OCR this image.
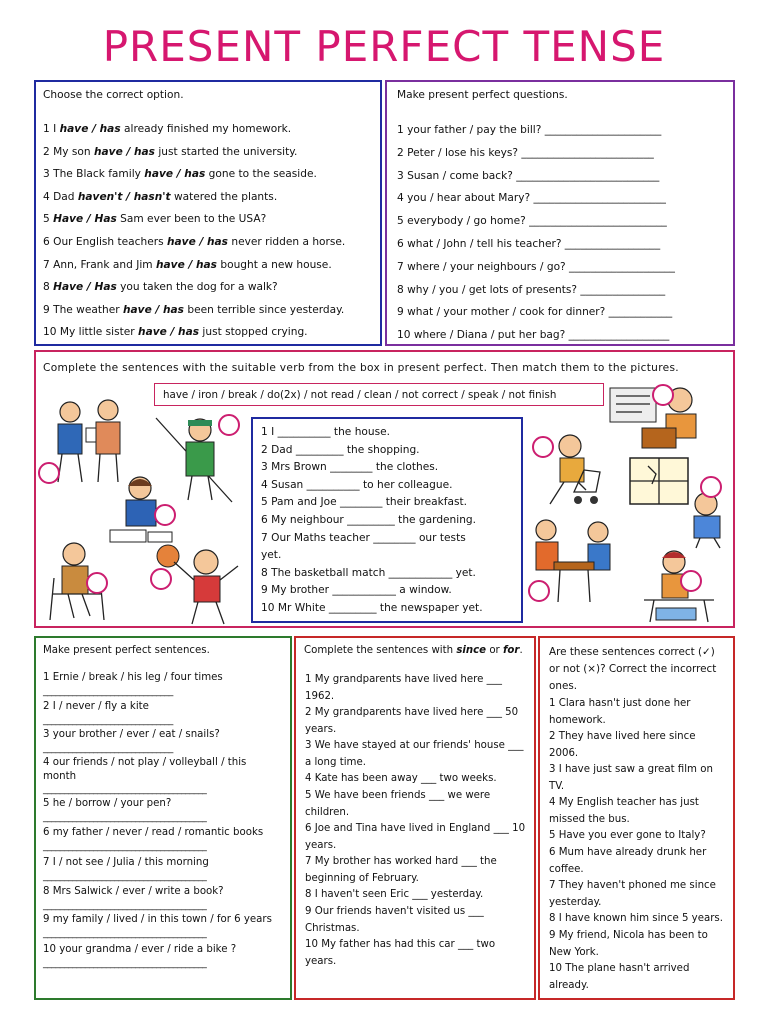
PRESENT PERFECT TENSE
Choose the correct option.
1 I have / has already finished my homework.
2 My son have / has just started the university.
3 The Black family have / has gone to the seaside.
4 Dad haven't / hasn't watered the plants.
5 Have / Has Sam ever been to the USA?
6 Our English teachers have / has never ridden a horse.
7 Ann, Frank and Jim have / has bought a new house.
8 Have / Has you taken the dog for a walk?
9 The weather have / has been terrible since yesterday.
10 My little sister have / has just stopped crying.
Make present perfect questions.
1 your father / pay the bill? ______________________
2 Peter / lose his keys? _________________________
3 Susan / come back? ___________________________
4 you / hear about Mary? _________________________
5 everybody / go home? __________________________
6 what / John / tell his teacher? __________________
7 where / your neighbours / go? ____________________
8 why / you / get lots of presents? ________________
9 what / your mother / cook for dinner? ____________
10 where / Diana / put her bag? ___________________
Complete the sentences with the suitable verb from the box in present perfect. Then match them to the pictures.
have / iron / break / do(2x) / not read / clean / not correct / speak / not finish
1 I __________ the house.
2 Dad _________ the shopping.
3 Mrs Brown ________ the clothes.
4 Susan __________ to her colleague.
5 Pam and Joe ________ their breakfast.
6 My neighbour _________ the gardening.
7 Our Maths teacher ________ our tests
yet.
8 The basketball match ____________ yet.
9 My brother ____________ a window.
10 Mr White _________ the newspaper yet.
Make present perfect sentences.
1 Ernie / break / his leg / four times
_______________________________
2 I / never / fly a kite
_______________________________
3 your brother / ever / eat / snails?
_______________________________
4 our friends / not play / volleyball / this month
_______________________________________
5 he / borrow / your pen?
_______________________________________
6 my father / never / read / romantic books
_______________________________________
7 I / not see / Julia / this morning
_______________________________________
8 Mrs Salwick / ever / write a book?
_______________________________________
9 my family / lived / in this town / for 6 years
_______________________________________
10 your grandma / ever / ride a bike ?
_______________________________________
Complete the sentences with since or for.
1 My grandparents have lived here ___ 1962.
2 My grandparents have lived here ___ 50 years.
3 We have stayed at our friends' house ___ a long time.
4 Kate has been away ___ two weeks.
5 We have been friends ___ we were children.
6 Joe and Tina have lived in England ___ 10 years.
7 My brother has worked hard ___ the beginning of February.
8 I haven't seen Eric ___ yesterday.
9 Our friends haven't visited us ___ Christmas.
10 My father has had this car ___ two years.
Are these sentences correct (✓) or not (×)? Correct the incorrect ones.
1 Clara hasn't just done her homework.
2 They have lived here since 2006.
3 I have just saw a great film on TV.
4 My English teacher has just missed the bus.
5 Have you ever gone to Italy?
6 Mum have already drunk her coffee.
7 They haven't phoned me since yesterday.
8 I have known him since 5 years.
9 My friend, Nicola has been to New York.
10 The plane hasn't arrived already.
